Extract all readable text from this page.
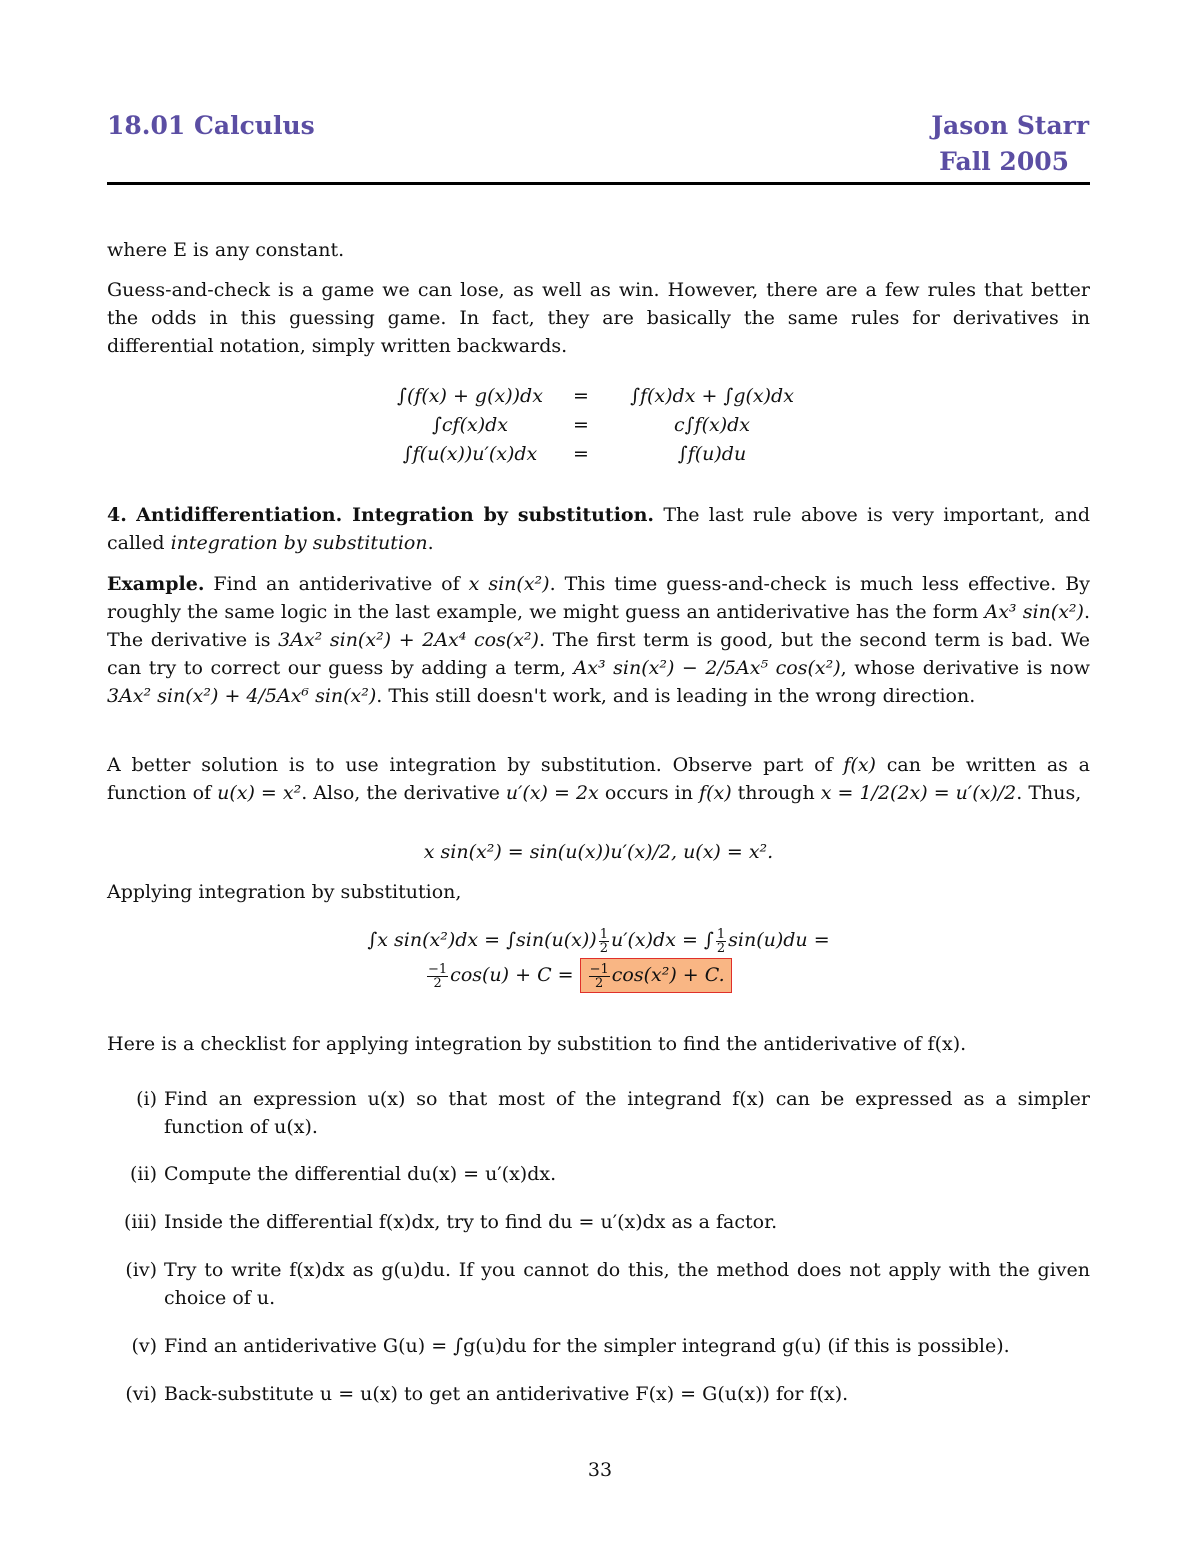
18.01 Calculus	Jason Starr
Fall 2005

where E is any constant.

Guess-and-check is a game we can lose, as well as win. However, there are a few rules that better the odds in this guessing game. In fact, they are basically the same rules for derivatives in differential notation, simply written backwards.

∫(f(x) + g(x))dx	=	∫f(x)dx + ∫g(x)dx
∫cf(x)dx	=	c∫f(x)dx
∫f(u(x))u′(x)dx	=	∫f(u)du

4. Antidifferentiation. Integration by substitution. The last rule above is very important, and called integration by substitution.

Example. Find an antiderivative of x sin(x²). This time guess-and-check is much less effective. By roughly the same logic in the last example, we might guess an antiderivative has the form Ax³ sin(x²). The derivative is 3Ax² sin(x²) + 2Ax⁴ cos(x²). The first term is good, but the second term is bad. We can try to correct our guess by adding a term, Ax³ sin(x²) − 2/5Ax⁵ cos(x²), whose derivative is now 3Ax² sin(x²) + 4/5Ax⁶ sin(x²). This still doesn't work, and is leading in the wrong direction.

A better solution is to use integration by substitution. Observe part of f(x) can be written as a function of u(x) = x². Also, the derivative u′(x) = 2x occurs in f(x) through x = 1/2(2x) = u′(x)/2. Thus,

x sin(x²) = sin(u(x))u′(x)/2, u(x) = x².

Applying integration by substitution,

∫x $\sin(x^2)dx = \int\sin(u(x)) \frac{1}{2} u'(x)dx$ = ∫ $\frac{1}{2} \sin(u)du$ =
$\frac{-1}{2} \cos(u) + C = \frac{-1}{2} \cos(x^2) + C$.

Here is a checklist for applying integration by substition to find the antiderivative of f(x).

(i) Find an expression u(x) so that most of the integrand f(x) can be expressed as a simpler function of u(x).
(ii) Compute the differential du(x) = u′(x)dx.
(iii) Inside the differential f(x)dx, try to find du = u′(x)dx as a factor.
(iv) Try to write f(x)dx as g(u)du. If you cannot do this, the method does not apply with the given choice of u.
(v) Find an antiderivative G(u) = ∫g(u)du for the simpler integrand g(u) (if this is possible).
(vi) Back-substitute u = u(x) to get an antiderivative F(x) = G(u(x)) for f(x).
33
